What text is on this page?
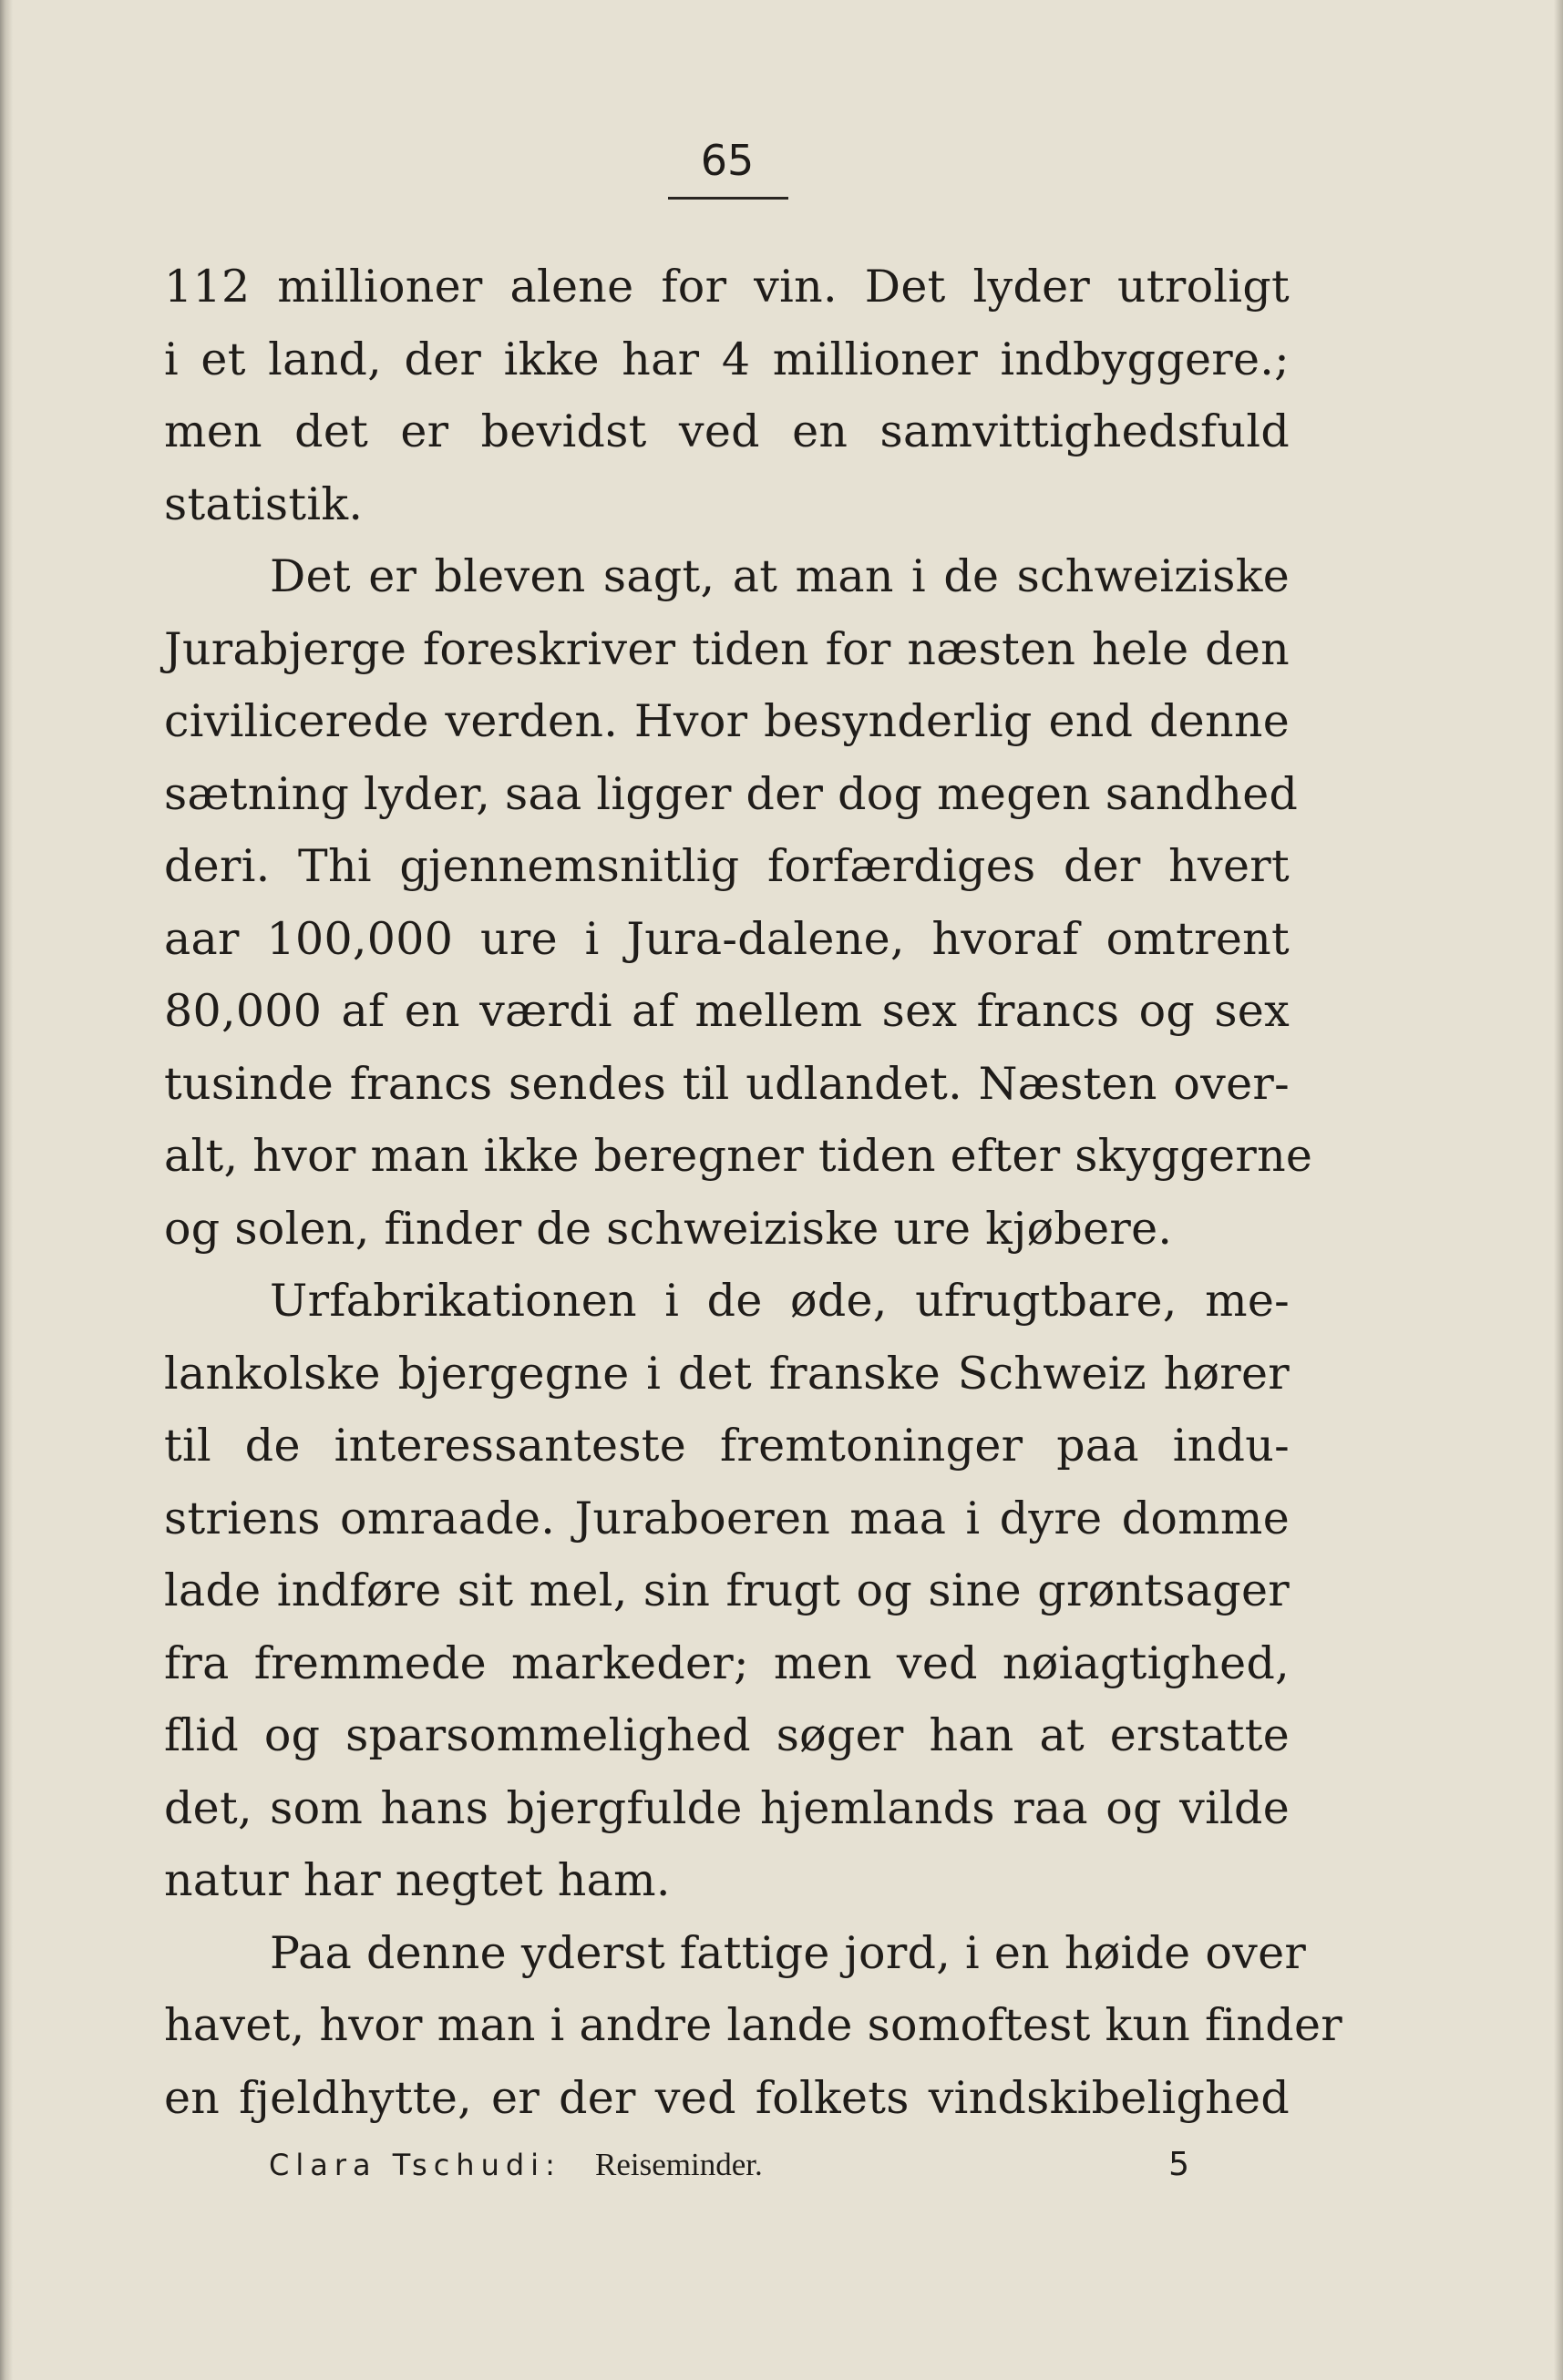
65
112 millioner alene for vin. Det lyder utroligt
i et land, der ikke har 4 millioner indbyggere.;
men det er bevidst ved en samvittighedsfuld
statistik.
Det er bleven sagt, at man i de schweiziske
Jurabjerge foreskriver tiden for næsten hele den
civilicerede verden. Hvor besynderlig end denne
sætning lyder, saa ligger der dog megen sandhed
deri. Thi gjennemsnitlig forfærdiges der hvert
aar 100,000 ure i Jura-dalene, hvoraf omtrent
80,000 af en værdi af mellem sex francs og sex
tusinde francs sendes til udlandet. Næsten over-
alt, hvor man ikke beregner tiden efter skyggerne
og solen, finder de schweiziske ure kjøbere.
Urfabrikationen i de øde, ufrugtbare, me-
lankolske bjergegne i det franske Schweiz hører
til de interessanteste fremtoninger paa indu-
striens omraade. Juraboeren maa i dyre domme
lade indføre sit mel, sin frugt og sine grøntsager
fra fremmede markeder; men ved nøiagtighed,
flid og sparsommelighed søger han at erstatte
det, som hans bjergfulde hjemlands raa og vilde
natur har negtet ham.
Paa denne yderst fattige jord, i en høide over
havet, hvor man i andre lande somoftest kun finder
en fjeldhytte, er der ved folkets vindskibelighed
Clara Tschudi: Reiseminder.	5
